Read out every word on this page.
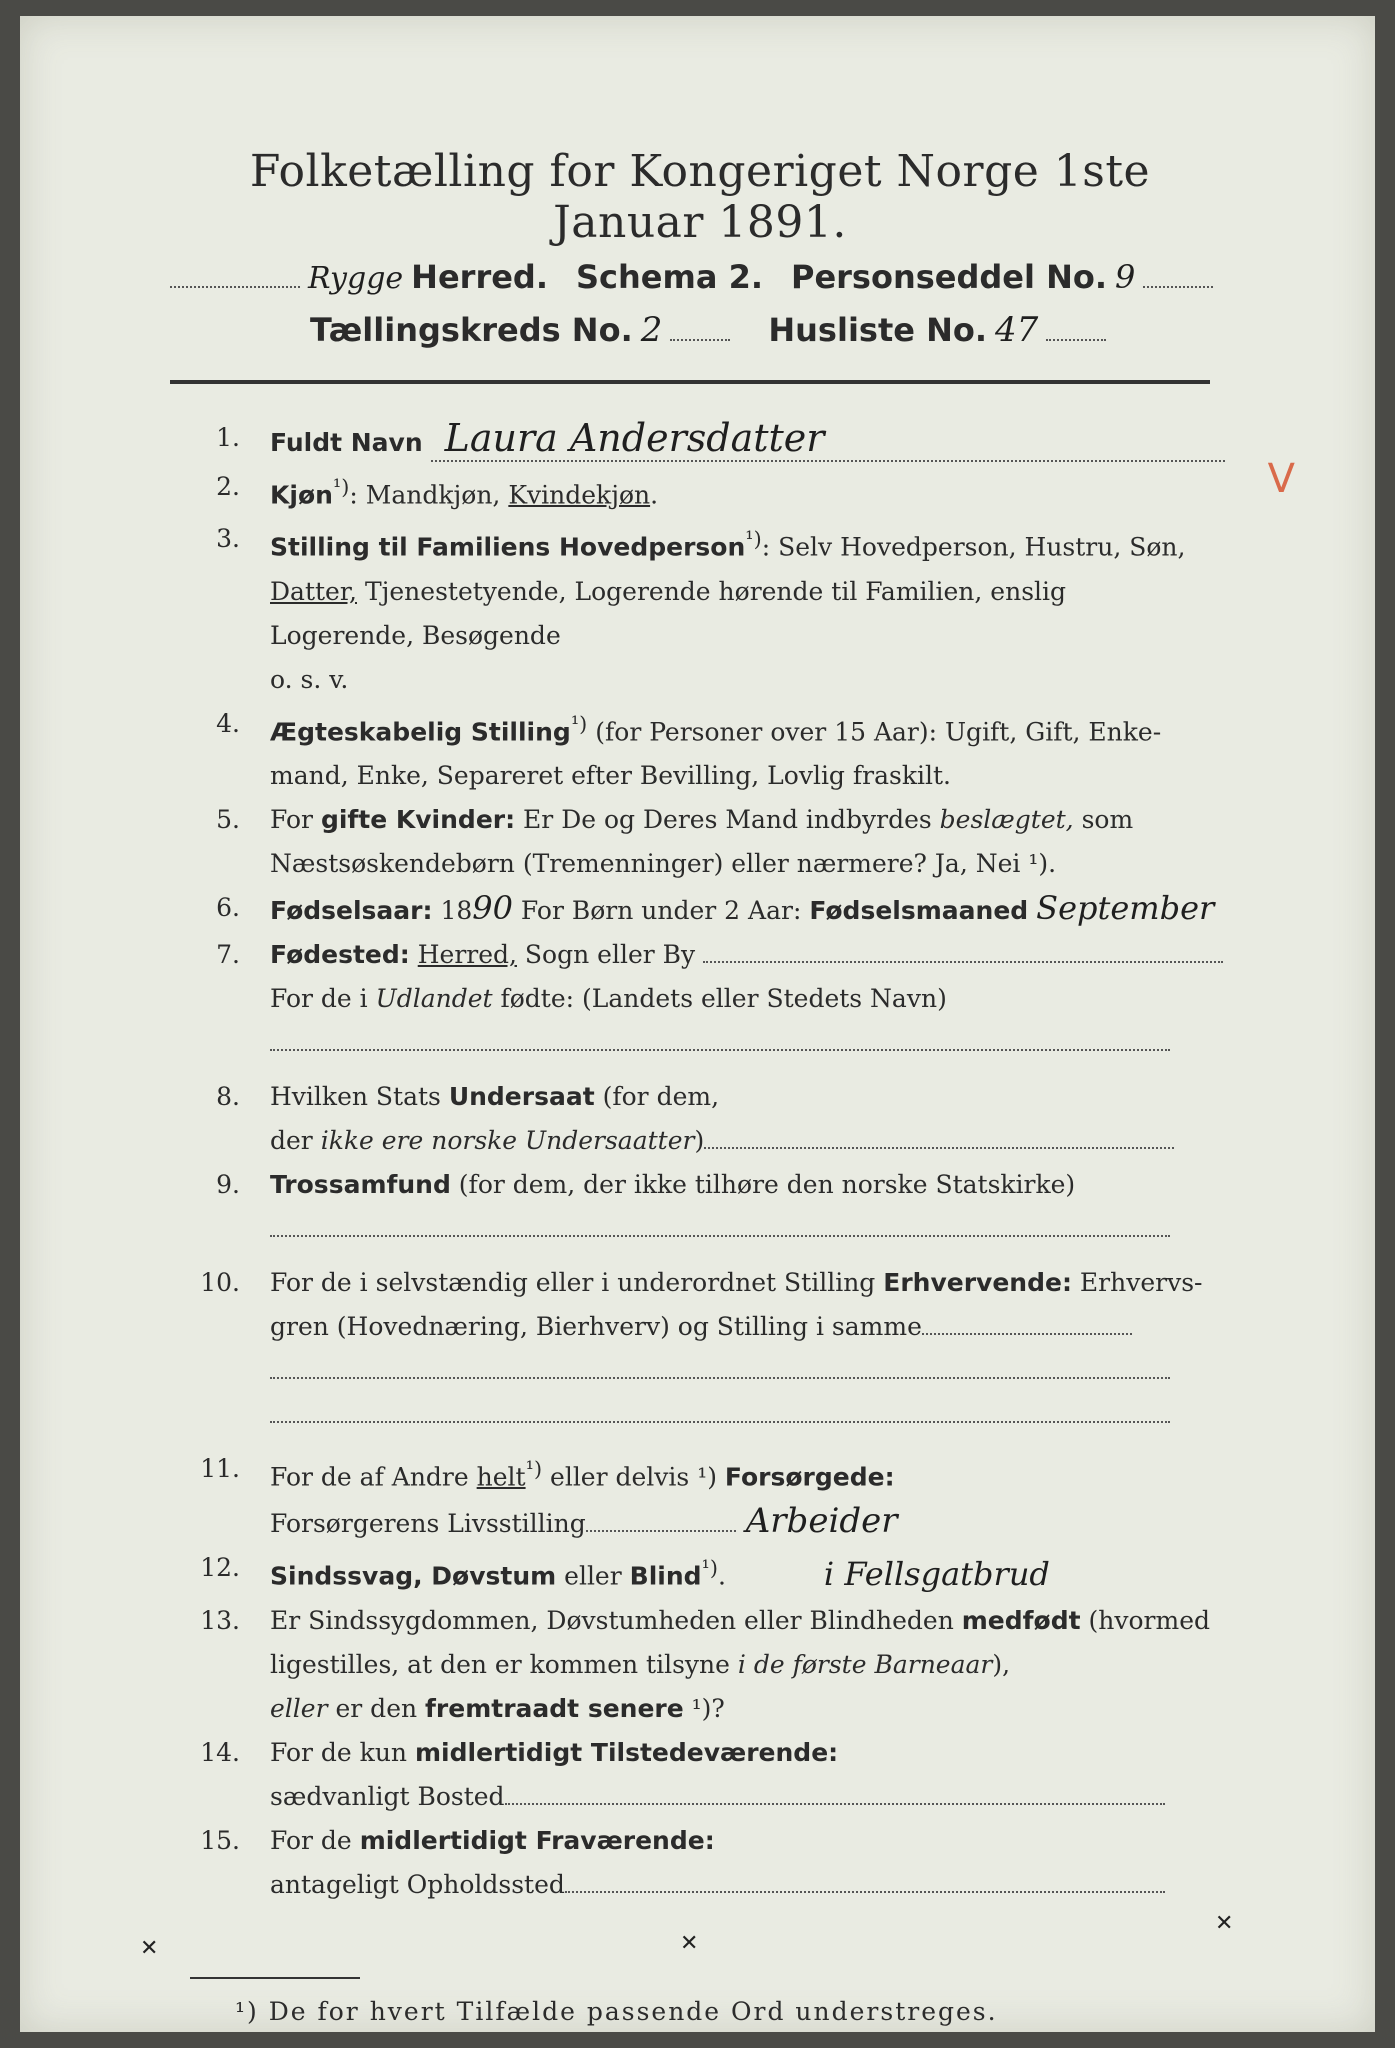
V
Folketælling for Kongeriget Norge 1ste Januar 1891.
Rygge Herred. Schema 2. Personseddel No. 9
Tællingskreds No. 2	Husliste No. 47
1.	Fuldt Navn Laura Andersdatter
2.	Kjøn$^{^1)}$: Mandkjøn, Kvindekjøn.
3.	Stilling til Familiens Hovedperson$^{^1)}$: Selv Hovedperson, Hustru, Søn,
Datter, Tjenestetyende, Logerende hørende til Familien, enslig
Logerende, Besøgende
o. s. v.
4.	Ægteskabelig Stilling$^{^1)}$ (for Personer over 15 Aar): Ugift, Gift, Enke-
mand, Enke, Separeret efter Bevilling, Lovlig fraskilt.
5.	For gifte Kvinder: Er De og Deres Mand indbyrdes beslægtet, som
Næstsøskendebørn (Tremenninger) eller nærmere? Ja, Nei ¹).
6.	Fødselsaar: 1890 For Børn under 2 Aar: Fødselsmaaned September
7.	Fødested: Herred, Sogn eller By
For de i Udlandet fødte: (Landets eller Stedets Navn)
8.	Hvilken Stats Undersaat (for dem,
der ikke ere norske Undersaatter)
9.	Trossamfund (for dem, der ikke tilhøre den norske Statskirke)
10.	For de i selvstændig eller i underordnet Stilling Erhvervende: Erhvervs-
gren (Hovednæring, Bierhverv) og Stilling i samme
11.	For de af Andre helt$^{^1)}$ eller delvis ¹) Forsørgede:
Forsørgerens Livsstilling	Arbeider
12.	Sindssvag, Døvstum eller Blind$^{^1)}$.	i Fellsgatbrud
13.	Er Sindssygdommen, Døvstumheden eller Blindheden medfødt (hvormed
ligestilles, at den er kommen tilsyne i de første Barneaar),
eller er den fremtraadt senere ¹)?
14.	For de kun midlertidigt Tilstedeværende:
sædvanligt Bosted
15.	For de midlertidigt Fraværende:
antageligt Opholdssted
¹) De for hvert Tilfælde passende Ord understreges.
✕	✕
✕
